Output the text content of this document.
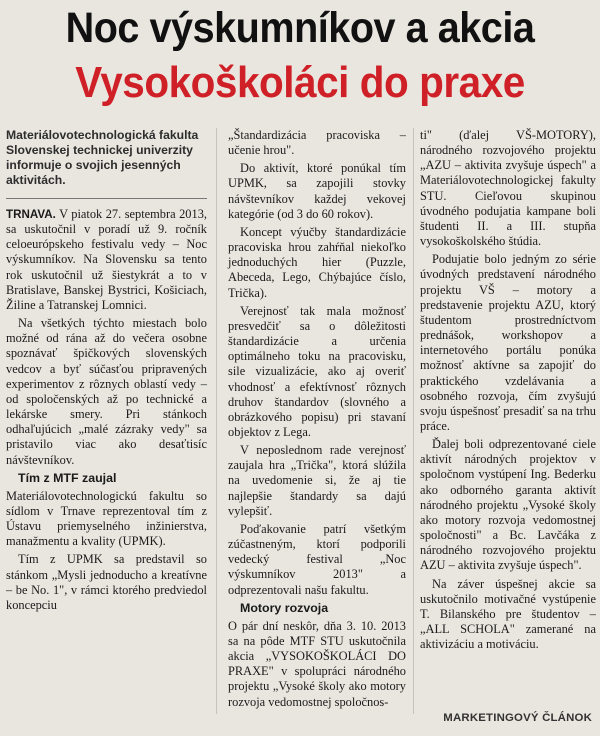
Noc výskumníkov a akcia
Vysokoškoláci do praxe
Materiálovotechnologická fakulta Slovenskej technickej univerzity informuje o svojich jesenných aktivitách.

TRNAVA. V piatok 27. septembra 2013, sa uskutočnil v poradí už 9. ročník celoeurópskeho festivalu vedy – Noc výskumníkov. Na Slovensku sa tento rok uskutočnil už šiestykrát a to v Bratislave, Banskej Bystrici, Košiciach, Žiline a Tatranskej Lomnici.

Na všetkých týchto miestach bolo možné od rána až do večera osobne spoznávať špičkových slovenských vedcov a byť súčasťou pripravených experimentov z rôznych oblastí vedy – od spoločenských až po technické a lekárske smery. Pri stánkoch odhaľujúcich „malé zázraky vedy" sa pristavilo viac ako desaťtisíc návštevníkov.

Tím z MTF zaujal

Materiálovotechnologickú fakultu so sídlom v Trnave reprezentoval tím z Ústavu priemyselného inžinierstva, manažmentu a kvality (UPMK).

Tím z UPMK sa predstavil so stánkom „Mysli jednoducho a kreatívne – be No. 1", v rámci ktorého predviedol koncepciu

„Štandardizácia pracoviska – učenie hrou".

Do aktivít, ktoré ponúkal tím UPMK, sa zapojili stovky návštevníkov každej vekovej kategórie (od 3 do 60 rokov).

Koncept výučby štandardizácie pracoviska hrou zahŕňal niekoľko jednoduchých hier (Puzzle, Abeceda, Lego, Chýbajúce číslo, Trička).

Verejnosť tak mala možnosť presvedčiť sa o dôležitosti štandardizácie a určenia optimálneho toku na pracovisku, sile vizualizácie, ako aj overiť vhodnosť a efektívnosť rôznych druhov štandardov (slovného a obrázkového popisu) pri stavaní objektov z Lega.

V neposlednom rade verejnosť zaujala hra „Trička", ktorá slúžila na uvedomenie si, že aj tie najlepšie štandardy sa dajú vylepšiť.

Poďakovanie patrí všetkým zúčastneným, ktorí podporili vedecký festival „Noc výskumníkov 2013" a odprezentovali našu fakultu.

Motory rozvoja

O pár dní neskôr, dňa 3. 10. 2013 sa na pôde MTF STU uskutočnila akcia „VYSOKOŠKOLÁCI DO PRAXE" v spolupráci národného projektu „Vysoké školy ako motory rozvoja vedomostnej spoločnos-

ti" (ďalej VŠ-MOTORY), národného rozvojového projektu „AZU – aktivita zvyšuje úspech" a Materiálovotechnologickej fakulty STU. Cieľovou skupinou úvodného podujatia kampane boli študenti II. a III. stupňa vysokoškolského štúdia.

Podujatie bolo jedným zo série úvodných predstavení národného projektu VŠ – motory a predstavenie projektu AZU, ktorý študentom prostredníctvom prednášok, workshopov a internetového portálu ponúka možnosť aktívne sa zapojiť do praktického vzdelávania a osobného rozvoja, čím zvyšujú svoju úspešnosť presadiť sa na trhu práce.

Ďalej boli odprezentované ciele aktivít národných projektov v spoločnom vystúpení Ing. Bederku ako odborného garanta aktivít národného projektu „Vysoké školy ako motory rozvoja vedomostnej spoločnosti" a Bc. Lavčáka z národného rozvojového projektu AZU – aktivita zvyšuje úspech".

Na záver úspešnej akcie sa uskutočnilo motivačné vystúpenie T. Bilanského pre študentov – „ALL SCHOLA" zamerané na aktivizáciu a motiváciu.

MARKETINGOVÝ ČLÁNOK
